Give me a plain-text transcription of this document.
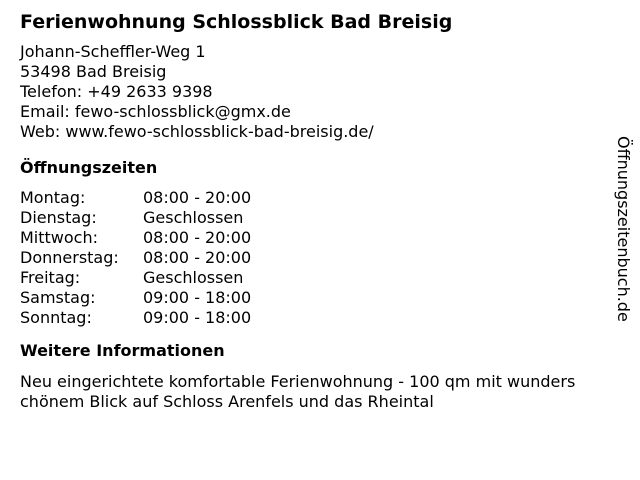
Ferienwohnung Schlossblick Bad Breisig
Johann-Scheffler-Weg 1
53498 Bad Breisig
Telefon: +49 2633 9398
Email: fewo-schlossblick@gmx.de
Web: www.fewo-schlossblick-bad-breisig.de/
Öffnungszeiten
Montag:	08:00 - 20:00
Dienstag:	Geschlossen
Mittwoch:	08:00 - 20:00
Donnerstag:	08:00 - 20:00
Freitag:	Geschlossen
Samstag:	09:00 - 18:00
Sonntag:	09:00 - 18:00
Weitere Informationen
Neu eingerichtete komfortable Ferienwohnung - 100 qm mit wunders
chönem Blick auf Schloss Arenfels und das Rheintal
Öffnungszeitenbuch.de
